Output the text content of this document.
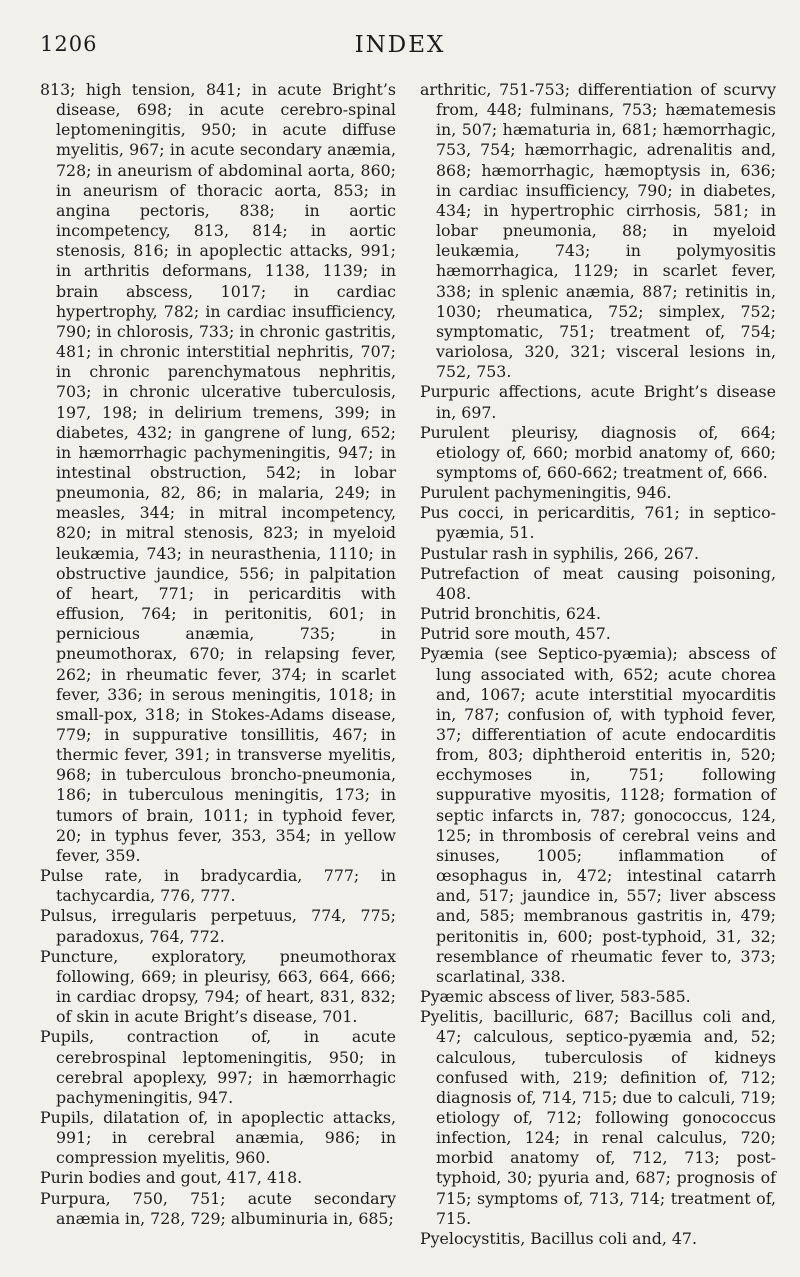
1206	INDEX

813; high tension, 841; in acute Bright’s disease, 698; in acute cerebro-spinal leptomeningitis, 950; in acute diffuse myelitis, 967; in acute secondary anæmia, 728; in aneurism of abdominal aorta, 860; in aneurism of thoracic aorta, 853; in angina pectoris, 838; in aortic incompetency, 813, 814; in aortic stenosis, 816; in apoplectic attacks, 991; in arthritis deformans, 1138, 1139; in brain abscess, 1017; in cardiac hypertrophy, 782; in cardiac insufficiency, 790; in chlorosis, 733; in chronic gastritis, 481; in chronic interstitial nephritis, 707; in chronic parenchymatous nephritis, 703; in chronic ulcerative tuberculosis, 197, 198; in delirium tremens, 399; in diabetes, 432; in gangrene of lung, 652; in hæmorrhagic pachymeningitis, 947; in intestinal obstruction, 542; in lobar pneumonia, 82, 86; in malaria, 249; in measles, 344; in mitral incompetency, 820; in mitral stenosis, 823; in myeloid leukæmia, 743; in neurasthenia, 1110; in obstructive jaundice, 556; in palpitation of heart, 771; in pericarditis with effusion, 764; in peritonitis, 601; in pernicious anæmia, 735; in pneumothorax, 670; in relapsing fever, 262; in rheumatic fever, 374; in scarlet fever, 336; in serous meningitis, 1018; in small-pox, 318; in Stokes-Adams disease, 779; in suppurative tonsillitis, 467; in thermic fever, 391; in transverse myelitis, 968; in tuberculous broncho-pneumonia, 186; in tuberculous meningitis, 173; in tumors of brain, 1011; in typhoid fever, 20; in typhus fever, 353, 354; in yellow fever, 359.

Pulse rate, in bradycardia, 777; in tachycardia, 776, 777.

Pulsus, irregularis perpetuus, 774, 775; paradoxus, 764, 772.

Puncture, exploratory, pneumothorax following, 669; in pleurisy, 663, 664, 666; in cardiac dropsy, 794; of heart, 831, 832; of skin in acute Bright’s disease, 701.

Pupils, contraction of, in acute cerebrospinal leptomeningitis, 950; in cerebral apoplexy, 997; in hæmorrhagic pachymeningitis, 947.

Pupils, dilatation of, in apoplectic attacks, 991; in cerebral anæmia, 986; in compression myelitis, 960.

Purin bodies and gout, 417, 418.

Purpura, 750, 751; acute secondary anæmia in, 728, 729; albuminuria in, 685;

arthritic, 751-753; differentiation of scurvy from, 448; fulminans, 753; hæmatemesis in, 507; hæmaturia in, 681; hæmorrhagic, 753, 754; hæmorrhagic, adrenalitis and, 868; hæmorrhagic, hæmoptysis in, 636; in cardiac insufficiency, 790; in diabetes, 434; in hypertrophic cirrhosis, 581; in lobar pneumonia, 88; in myeloid leukæmia, 743; in polymyositis hæmorrhagica, 1129; in scarlet fever, 338; in splenic anæmia, 887; retinitis in, 1030; rheumatica, 752; simplex, 752; symptomatic, 751; treatment of, 754; variolosa, 320, 321; visceral lesions in, 752, 753.

Purpuric affections, acute Bright’s disease in, 697.

Purulent pleurisy, diagnosis of, 664; etiology of, 660; morbid anatomy of, 660; symptoms of, 660-662; treatment of, 666.

Purulent pachymeningitis, 946.

Pus cocci, in pericarditis, 761; in septico-pyæmia, 51.

Pustular rash in syphilis, 266, 267.

Putrefaction of meat causing poisoning, 408.

Putrid bronchitis, 624.

Putrid sore mouth, 457.

Pyæmia (see Septico-pyæmia); abscess of lung associated with, 652; acute chorea and, 1067; acute interstitial myocarditis in, 787; confusion of, with typhoid fever, 37; differentiation of acute endocarditis from, 803; diphtheroid enteritis in, 520; ecchymoses in, 751; following suppurative myositis, 1128; formation of septic infarcts in, 787; gonococcus, 124, 125; in thrombosis of cerebral veins and sinuses, 1005; inflammation of œsophagus in, 472; intestinal catarrh and, 517; jaundice in, 557; liver abscess and, 585; membranous gastritis in, 479; peritonitis in, 600; post-typhoid, 31, 32; resemblance of rheumatic fever to, 373; scarlatinal, 338.

Pyæmic abscess of liver, 583-585.

Pyelitis, bacilluric, 687; Bacillus coli and, 47; calculous, septico-pyæmia and, 52; calculous, tuberculosis of kidneys confused with, 219; definition of, 712; diagnosis of, 714, 715; due to calculi, 719; etiology of, 712; following gonococcus infection, 124; in renal calculus, 720; morbid anatomy of, 712, 713; post-typhoid, 30; pyuria and, 687; prognosis of 715; symptoms of, 713, 714; treatment of, 715.

Pyelocystitis, Bacillus coli and, 47.
